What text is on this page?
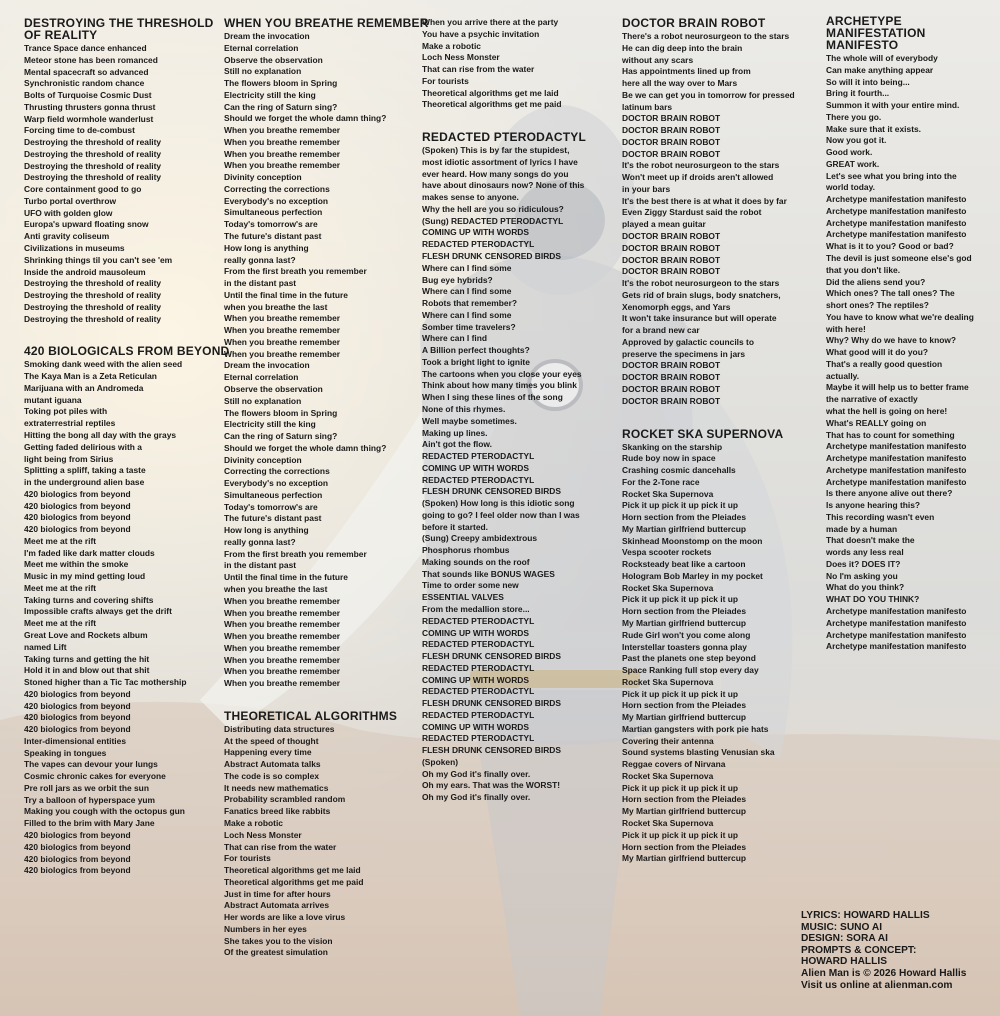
DESTROYING THE THRESHOLD OF REALITY
Trance Space dance enhanced
Meteor stone has been romanced
Mental spacecraft so advanced
Synchronistic random chance
Bolts of Turquoise Cosmic Dust
Thrusting thrusters gonna thrust
Warp field wormhole wanderlust
Forcing time to de-combust
Destroying the threshold of reality
Destroying the threshold of reality
Destroying the threshold of reality
Destroying the threshold of reality
Core containment good to go
Turbo portal overthrow
UFO with golden glow
Europa's upward floating snow
Anti gravity coliseum
Civilizations in museums
Shrinking things til you can't see 'em
Inside the android mausoleum
Destroying the threshold of reality
Destroying the threshold of reality
Destroying the threshold of reality
Destroying the threshold of reality
420 BIOLOGICALS FROM BEYOND
Smoking dank weed with the alien seed
The Kaya Man is a Zeta Reticulan
Marijuana with an Andromeda
mutant iguana
Toking pot piles with
extraterrestrial reptiles
Hitting the bong all day with the grays
Getting faded delirious with a
light being from Sirius
Splitting a spliff, taking a taste
in the underground alien base
420 biologics from beyond
420 biologics from beyond
420 biologics from beyond
420 biologics from beyond
Meet me at the rift
I'm faded like dark matter clouds
Meet me within the smoke
Music in my mind getting loud
Meet me at the rift
Taking turns and covering shifts
Impossible crafts always get the drift
Meet me at the rift
Great Love and Rockets album
named Lift
Taking turns and getting the hit
Hold it in and blow out that shit
Stoned higher than a Tic Tac mothership
420 biologics from beyond
420 biologics from beyond
420 biologics from beyond
420 biologics from beyond
Inter-dimensional entities
Speaking in tongues
The vapes can devour your lungs
Cosmic chronic cakes for everyone
Pre roll jars as we orbit the sun
Try a balloon of hyperspace yum
Making you cough with the octopus gun
Filled to the brim with Mary Jane
420 biologics from beyond
420 biologics from beyond
420 biologics from beyond
420 biologics from beyond
WHEN YOU BREATHE REMEMBER
Dream the invocation
Eternal correlation
Observe the observation
Still no explanation
The flowers bloom in Spring
Electricity still the king
Can the ring of Saturn sing?
Should we forget the whole damn thing?
When you breathe remember
When you breathe remember
When you breathe remember
When you breathe remember
Divinity conception
Correcting the corrections
Everybody's no exception
Simultaneous perfection
Today's tomorrow's are
The future's distant past
How long is anything
really gonna last?
From the first breath you remember
in the distant past
Until the final time in the future
when you breathe the last
When you breathe remember
When you breathe remember
When you breathe remember
When you breathe remember
Dream the invocation
Eternal correlation
Observe the observation
Still no explanation
The flowers bloom in Spring
Electricity still the king
Can the ring of Saturn sing?
Should we forget the whole damn thing?
Divinity conception
Correcting the corrections
Everybody's no exception
Simultaneous perfection
Today's tomorrow's are
The future's distant past
How long is anything
really gonna last?
From the first breath you remember
in the distant past
Until the final time in the future
when you breathe the last
When you breathe remember
When you breathe remember
When you breathe remember
When you breathe remember
When you breathe remember
When you breathe remember
When you breathe remember
When you breathe remember
THEORETICAL ALGORITHMS
Distributing data structures
At the speed of thought
Happening every time
Abstract Automata talks
The code is so complex
It needs new mathematics
Probability scrambled random
Fanatics breed like rabbits
Make a robotic
Loch Ness Monster
That can rise from the water
For tourists
Theoretical algorithms get me laid
Theoretical algorithms get me paid
Just in time for after hours
Abstract Automata arrives
Her words are like a love virus
Numbers in her eyes
She takes you to the vision
Of the greatest simulation
When you arrive there at the party
You have a psychic invitation
Make a robotic
Loch Ness Monster
That can rise from the water
For tourists
Theoretical algorithms get me laid
Theoretical algorithms get me paid
REDACTED PTERODACTYL
(Spoken) This is by far the stupidest,
most idiotic assortment of lyrics I have
ever heard. How many songs do you
have about dinosaurs now? None of this
makes sense to anyone.
Why the hell are you so ridiculous?
(Sung) REDACTED PTERODACTYL
COMING UP WITH WORDS
REDACTED PTERODACTYL
FLESH DRUNK CENSORED BIRDS
Where can I find some
Bug eye hybrids?
Where can I find some
Robots that remember?
Where can I find some
Somber time travelers?
Where can I find
A Billion perfect thoughts?
Took a bright light to ignite
The cartoons when you close your eyes
Think about how many times you blink
When I sing these lines of the song
None of this rhymes.
Well maybe sometimes.
Making up lines.
Ain't got the flow.
REDACTED PTERODACTYL
COMING UP WITH WORDS
REDACTED PTERODACTYL
FLESH DRUNK CENSORED BIRDS
(Spoken) How long is this idiotic song
going to go? I feel older now than I was
before it started.
(Sung) Creepy ambidextrous
Phosphorus rhombus
Making sounds on the roof
That sounds like BONUS WAGES
Time to order some new
ESSENTIAL VALVES
From the medallion store...
REDACTED PTERODACTYL
COMING UP WITH WORDS
REDACTED PTERODACTYL
FLESH DRUNK CENSORED BIRDS
REDACTED PTERODACTYL
COMING UP WITH WORDS
REDACTED PTERODACTYL
FLESH DRUNK CENSORED BIRDS
REDACTED PTERODACTYL
COMING UP WITH WORDS
REDACTED PTERODACTYL
FLESH DRUNK CENSORED BIRDS
(Spoken)
Oh my God it's finally over.
Oh my ears. That was the WORST!
Oh my God it's finally over.
DOCTOR BRAIN ROBOT
There's a robot neurosurgeon to the stars
He can dig deep into the brain
without any scars
Has appointments lined up from
here all the way over to Mars
Be we can get you in tomorrow for pressed
latinum bars
DOCTOR BRAIN ROBOT
DOCTOR BRAIN ROBOT
DOCTOR BRAIN ROBOT
DOCTOR BRAIN ROBOT
It's the robot neurosurgeon to the stars
Won't meet up if droids aren't allowed
in your bars
It's the best there is at what it does by far
Even Ziggy Stardust said the robot
played a mean guitar
DOCTOR BRAIN ROBOT
DOCTOR BRAIN ROBOT
DOCTOR BRAIN ROBOT
DOCTOR BRAIN ROBOT
It's the robot neurosurgeon to the stars
Gets rid of brain slugs, body snatchers,
Xenomorph eggs, and Yars
It won't take insurance but will operate
for a brand new car
Approved by galactic councils to
preserve the specimens in jars
DOCTOR BRAIN ROBOT
DOCTOR BRAIN ROBOT
DOCTOR BRAIN ROBOT
DOCTOR BRAIN ROBOT
ROCKET SKA SUPERNOVA
Skanking on the starship
Rude boy now in space
Crashing cosmic dancehalls
For the 2-Tone race
Rocket Ska Supernova
Pick it up pick it up pick it up
Horn section from the Pleiades
My Martian girlfriend buttercup
Skinhead Moonstomp on the moon
Vespa scooter rockets
Rocksteady beat like a cartoon
Hologram Bob Marley in my pocket
Rocket Ska Supernova
Pick it up pick it up pick it up
Horn section from the Pleiades
My Martian girlfriend buttercup
Rude Girl won't you come along
Interstellar toasters gonna play
Past the planets one step beyond
Space Ranking full stop every day
Rocket Ska Supernova
Pick it up pick it up pick it up
Horn section from the Pleiades
My Martian girlfriend buttercup
Martian gangsters with pork pie hats
Covering their antenna
Sound systems blasting Venusian ska
Reggae covers of Nirvana
Rocket Ska Supernova
Pick it up pick it up pick it up
Horn section from the Pleiades
My Martian girlfriend buttercup
Rocket Ska Supernova
Pick it up pick it up pick it up
Horn section from the Pleiades
My Martian girlfriend buttercup
ARCHETYPE MANIFESTATION MANIFESTO
The whole will of everybody
Can make anything appear
So will it into being...
Bring it fourth...
Summon it with your entire mind.
There you go.
Make sure that it exists.
Now you got it.
Good work.
GREAT work.
Let's see what you bring into the
world today.
Archetype manifestation manifesto
Archetype manifestation manifesto
Archetype manifestation manifesto
Archetype manifestation manifesto
What is it to you? Good or bad?
The devil is just someone else's god
that you don't like.
Did the aliens send you?
Which ones? The tall ones? The
short ones? The reptiles?
You have to know what we're dealing
with here!
Why? Why do we have to know?
What good will it do you?
That's a really good question
actually.
Maybe it will help us to better frame
the narrative of exactly
what the hell is going on here!
What's REALLY going on
That has to count for something
Archetype manifestation manifesto
Archetype manifestation manifesto
Archetype manifestation manifesto
Archetype manifestation manifesto
Is there anyone alive out there?
Is anyone hearing this?
This recording wasn't even
made by a human
That doesn't make the
words any less real
Does it? DOES IT?
No I'm asking you
What do you think?
WHAT DO YOU THINK?
Archetype manifestation manifesto
Archetype manifestation manifesto
Archetype manifestation manifesto
Archetype manifestation manifesto
LYRICS: HOWARD HALLIS
MUSIC: SUNO AI
DESIGN: SORA AI
PROMPTS & CONCEPT:
HOWARD HALLIS
Alien Man is © 2026 Howard Hallis
Visit us online at alienman.com
